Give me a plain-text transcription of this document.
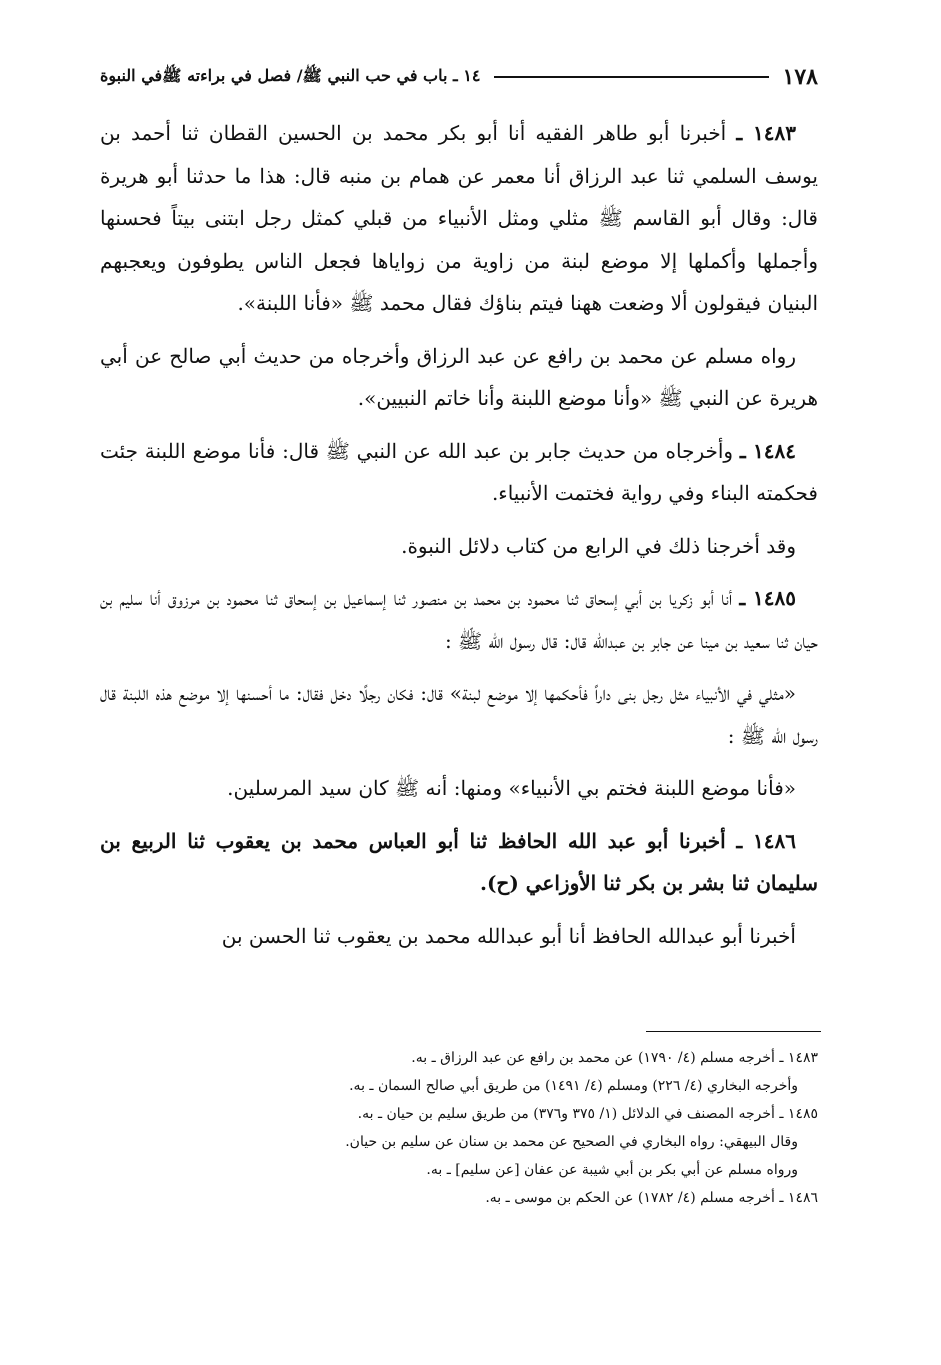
١٧٨
١٤ ـ باب في حب النبي ﷺ/ فصل في براءته ﷺفي النبوة

١٤٨٣ ـ أخبرنا أبو طاهر الفقيه أنا أبو بكر محمد بن الحسين القطان ثنا أحمد بن يوسف السلمي ثنا عبد الرزاق أنا معمر عن همام بن منبه قال: هذا ما حدثنا أبو هريرة قال: وقال أبو القاسم ﷺ مثلي ومثل الأنبياء من قبلي كمثل رجل ابتنى بيتاً فحسنها وأجملها وأكملها إلا موضع لبنة من زاوية من زواياها فجعل الناس يطوفون ويعجبهم البنيان فيقولون ألا وضعت ههنا فيتم بناؤك فقال محمد ﷺ «فأنا اللبنة».

رواه مسلم عن محمد بن رافع عن عبد الرزاق وأخرجاه من حديث أبي صالح عن أبي هريرة عن النبي ﷺ «وأنا موضع اللبنة وأنا خاتم النبيين».

١٤٨٤ ـ وأخرجاه من حديث جابر بن عبد الله عن النبي ﷺ قال: فأنا موضع اللبنة جئت فحكمته البناء وفي رواية فختمت الأنبياء.

وقد أخرجنا ذلك في الرابع من كتاب دلائل النبوة.

١٤٨٥ ـ أنا أبو زكريا بن أبي إسحاق ثنا محمود بن محمد بن منصور ثنا إسماعيل بن إسحاق ثنا محمود بن مرزوق أنا سليم بن حيان ثنا سعيد بن مينا عن جابر بن عبدالله قال: قال رسول الله ﷺ :

«مثلي في الأنبياء مثل رجل بنى داراً فأحكمها إلا موضع لبنة» قال: فكان رجلًا دخل فقال: ما أحسنها إلا موضع هذه اللبنة قال رسول الله ﷺ :

«فأنا موضع اللبنة فختم بي الأنبياء» ومنها: أنه ﷺ كان سيد المرسلين.

١٤٨٦ ـ أخبرنا أبو عبد الله الحافظ ثنا أبو العباس محمد بن يعقوب ثنا الربيع بن سليمان ثنا بشر بن بكر ثنا الأوزاعي (ح).

أخبرنا أبو عبدالله الحافظ أنا أبو عبدالله محمد بن يعقوب ثنا الحسن بن

١٤٨٣ ـ أخرجه مسلم (٤/ ١٧٩٠) عن محمد بن رافع عن عبد الرزاق ـ به.

وأخرجه البخاري (٤/ ٢٢٦) ومسلم (٤/ ١٤٩١) من طريق أبي صالح السمان ـ به.

١٤٨٥ ـ أخرجه المصنف في الدلائل (١/ ٣٧٥ و٣٧٦) من طريق سليم بن حيان ـ به.

وقال البيهقي: رواه البخاري في الصحيح عن محمد بن سنان عن سليم بن حيان.

ورواه مسلم عن أبي بكر بن أبي شيبة عن عفان [عن سليم] ـ به.

١٤٨٦ ـ أخرجه مسلم (٤/ ١٧٨٢) عن الحكم بن موسى ـ به.
